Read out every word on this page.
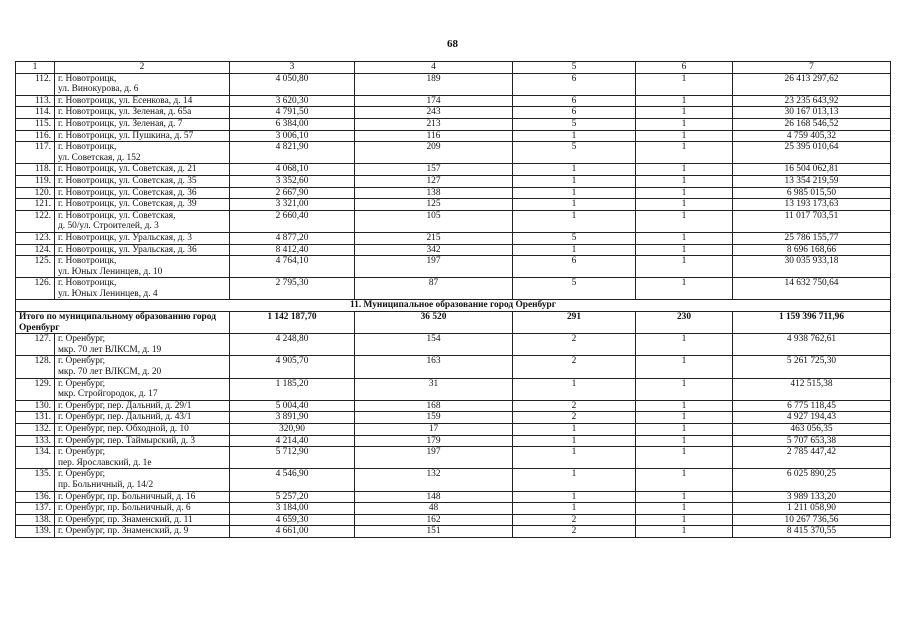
68
1	2	3	4	5	6	7
112.	г. Новотроицк,
ул. Винокурова, д. 6	4 050,80	189	6	1	26 413 297,62
113.	г. Новотроицк, ул. Есенкова, д. 14	3 620,30	174	6	1	23 235 643,92
114.	г. Новотроицк, ул. Зеленая, д. 65а	4 791,50	243	6	1	30 167 013,13
115.	г. Новотроицк, ул. Зеленая, д. 7	6 384,00	213	5	1	26 168 546,52
116.	г. Новотроицк, ул. Пушкина, д. 57	3 006,10	116	1	1	4 759 405,32
117.	г. Новотроицк,
ул. Советская, д. 152	4 821,90	209	5	1	25 395 010,64
118.	г. Новотроицк, ул. Советская, д. 21	4 068,10	157	1	1	16 504 062,81
119.	г. Новотроицк, ул. Советская, д. 35	3 352,60	127	1	1	13 354 219,59
120.	г. Новотроицк, ул. Советская, д. 36	2 667,90	138	1	1	6 985 015,50
121.	г. Новотроицк, ул. Советская, д. 39	3 321,00	125	1	1	13 193 173,63
122.	г. Новотроицк, ул. Советская,
д. 50/ул. Строителей, д. 3	2 660,40	105	1	1	11 017 703,51
123.	г. Новотроицк, ул. Уральская, д. 3	4 877,20	215	5	1	25 786 155,77
124.	г. Новотроицк, ул. Уральская, д. 36	8 412,40	342	1	1	8 696 168,66
125.	г. Новотроицк,
ул. Юных Ленинцев, д. 10	4 764,10	197	6	1	30 035 933,18
126.	г. Новотроицк,
ул. Юных Ленинцев, д. 4	2 795,30	87	5	1	14 632 750,64
11. Муниципальное образование город Оренбург						
Итого по муниципальному образованию город Оренбург		1 142 187,70	36 520	291	230	1 159 396 711,96
127.	г. Оренбург,
мкр. 70 лет ВЛКСМ, д. 19	4 248,80	154	2	1	4 938 762,61
128.	г. Оренбург,
мкр. 70 лет ВЛКСМ, д. 20	4 905,70	163	2	1	5 261 725,30
129.	г. Оренбург,
мкр. Стройгородок, д. 17	1 185,20	31	1	1	412 515,38
130.	г. Оренбург, пер. Дальний, д. 29/1	5 004,40	168	2	1	6 775 118,45
131.	г. Оренбург, пер. Дальний, д. 43/1	3 891,90	159	2	1	4 927 194,43
132.	г. Оренбург, пер. Обходной, д. 10	320,90	17	1	1	463 056,35
133.	г. Оренбург, пер. Таймырский, д. 3	4 214,40	179	1	1	5 707 653,38
134.	г. Оренбург,
пер. Ярославский, д. 1е	5 712,90	197	1	1	2 785 447,42
135.	г. Оренбург,
пр. Больничный, д. 14/2	4 546,90	132	1	1	6 025 890,25
136.	г. Оренбург, пр. Больничный, д. 16	5 257,20	148	1	1	3 989 133,20
137.	г. Оренбург, пр. Больничный, д. 6	3 184,00	48	1	1	1 211 058,90
138.	г. Оренбург, пр. Знаменский, д. 11	4 659,30	162	2	1	10 267 736,56
139.	г. Оренбург, пр. Знаменский, д. 9	4 661,00	151	2	1	8 415 370,55
